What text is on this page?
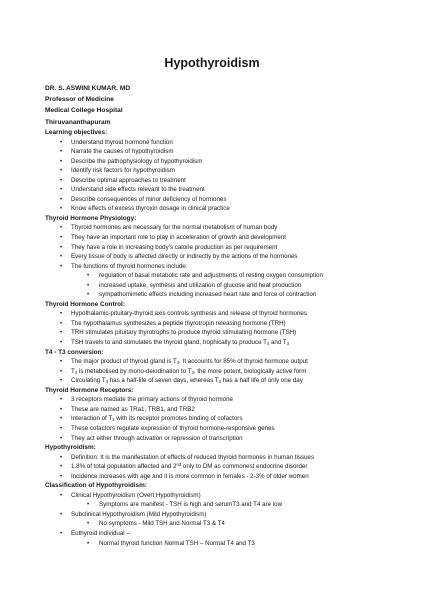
Hypothyroidism
DR. S. ASWINI KUMAR. MD
Professor of Medicine
Medical College Hospital
Thiruvananthapuram
Learning objectives:
• Understand thyroid hormone function
• Narrate the causes of hypothyroidism
• Describe the pathophysiology of hypothyroidism
• Identify risk factors for hypothyroidism
• Describe optimal approaches to treatment
• Understand side effects relevant to the treatment
• Describe consequences of minor deficiency of hormones
• Know effects of excess thyroxin dosage in clinical practice
Thyroid Hormone Physiology:
• Thyroid hormones are necessary for the normal metabolism of human body
• They have an important role to play in acceleration of growth and development
• They have a role in increasing body’s calorie production as per requirement
• Every tissue of body is affected directly or indirectly by the actions of the hormones
• The functions of thyroid hormones include:
• regulation of basal metabolic rate and adjustments of resting oxygen consumption
• increased uptake, synthesis and utilization of glucose and heat production
• sympathomimetic effects including increased heart rate and force of contraction
Thyroid Hormone Control:
• Hypothalamic-pituitary-thyroid axis controls synthesis and release of thyroid hormones
• The hypothalamus synthesizes a peptide thyrotropin releasing hormone (TRH)
• TRH stimulates pituitary thyrotrophs to produce thyroid stimulating hormone (TSH)
• TSH travels to and stimulates the thyroid gland, trophically to produce $T_4$ and $T_3$
T4 - T3 conversion:
• The major product of thyroid gland is $T_4$. It accounts for 85% of thyroid hormone output
• $T_4$ is metabolised by mono-deiodination to $T_3$, the more potent, biologically active form
• Circulating $T_4$ has a half-life of seven days, whereas $T_3$ has a half life of only one day
Thyroid Hormone Receptors:
• 3 receptors mediate the primary actions of thyroid hormone
• These are named as TRa1, TRB1, and TRB2
• Interaction of $T_3$ with its receptor promotes binding of cofactors
• These cofactors regulate expression of thyroid hormone-responsive genes
• They act either through activation or repression of transcription
Hypothyroidism:
• Definition: It is the manifestation of effects of reduced thyroid hormones in human tissues
• 1.8% of total population affected and 2nd only to DM as commonest endocrine disorder
• Incidence increases with age and it is more common in females - 2-3% of older women
Classification of Hypothyroidism:
• Clinical Hypothyroidism (Overt Hypothyroidism)
• Symptoms are manifest - TSH is high and serumT3 and T4 are low
• Subclinical Hypothyroidism (Mild Hypothyroidism)
• No symptoms - Mild TSH and Normal T3 & T4
• Euthyroid individual –
• Normal thyroid function Normal TSH – Normal T4 and T3
